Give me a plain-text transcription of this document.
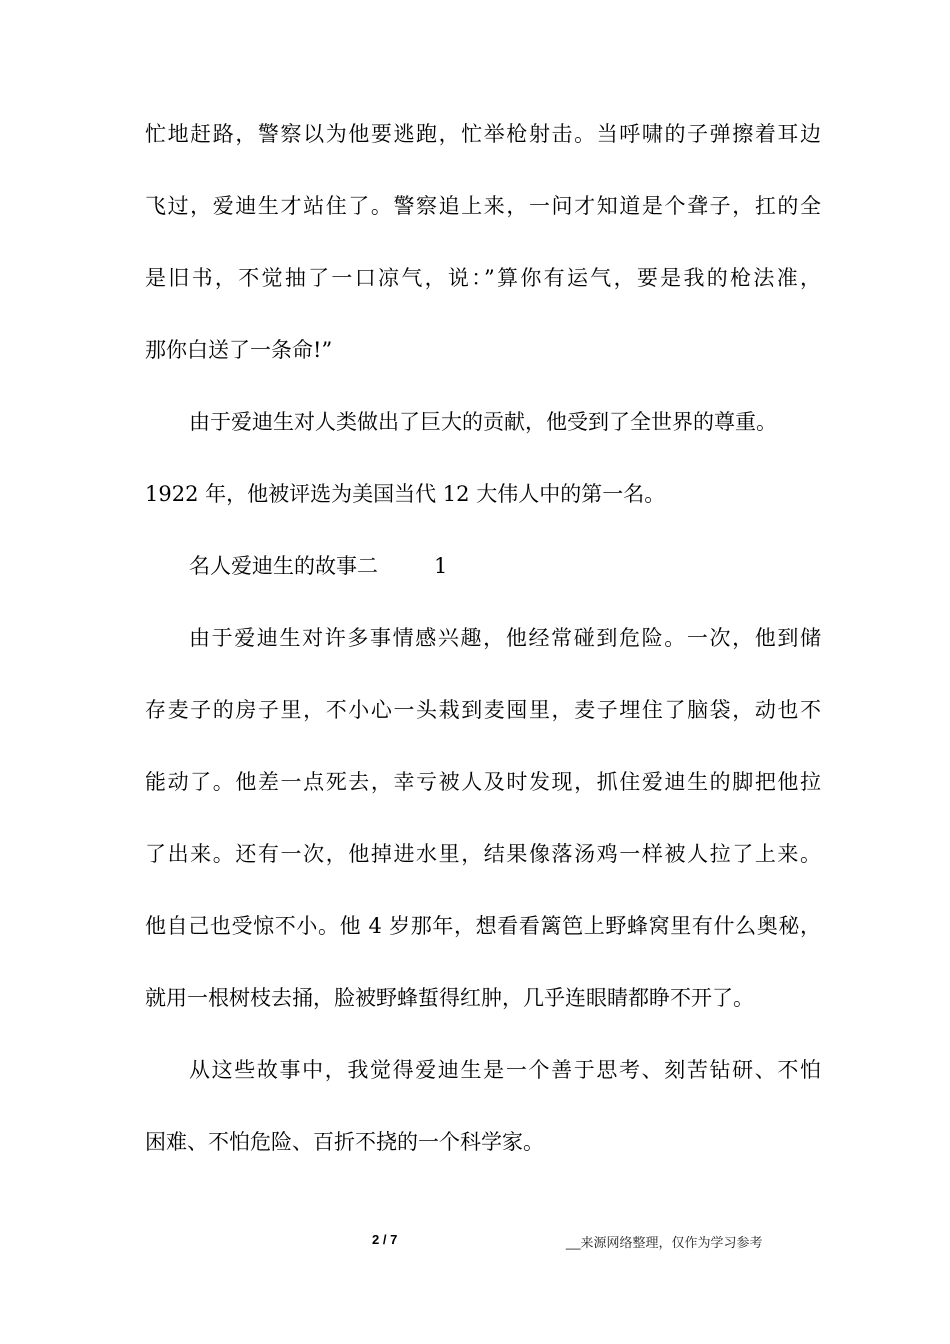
忙地赶路，警察以为他要逃跑，忙举枪射击。当呼啸的子弹擦着耳边
飞过，爱迪生才站住了。警察追上来，一问才知道是个聋子，扛的全
是旧书，不觉抽了一口凉气，说：”算你有运气，要是我的枪法准，
那你白送了一条命!”
由于爱迪生对人类做出了巨大的贡献，他受到了全世界的尊重。
1922 年，他被评选为美国当代 12 大伟人中的第一名。
名人爱迪生的故事二	1
由于爱迪生对许多事情感兴趣，他经常碰到危险。一次，他到储
存麦子的房子里，不小心一头栽到麦囤里，麦子埋住了脑袋，动也不
能动了。他差一点死去，幸亏被人及时发现，抓住爱迪生的脚把他拉
了出来。还有一次，他掉进水里，结果像落汤鸡一样被人拉了上来。
他自己也受惊不小。他 4 岁那年，想看看篱笆上野蜂窝里有什么奥秘，
就用一根树枝去捅，脸被野蜂蜇得红肿，几乎连眼睛都睁不开了。
从这些故事中，我觉得爱迪生是一个善于思考、刻苦钻研、不怕
困难、不怕危险、百折不挠的一个科学家。
2 / 7	__来源网络整理，仅作为学习参考
